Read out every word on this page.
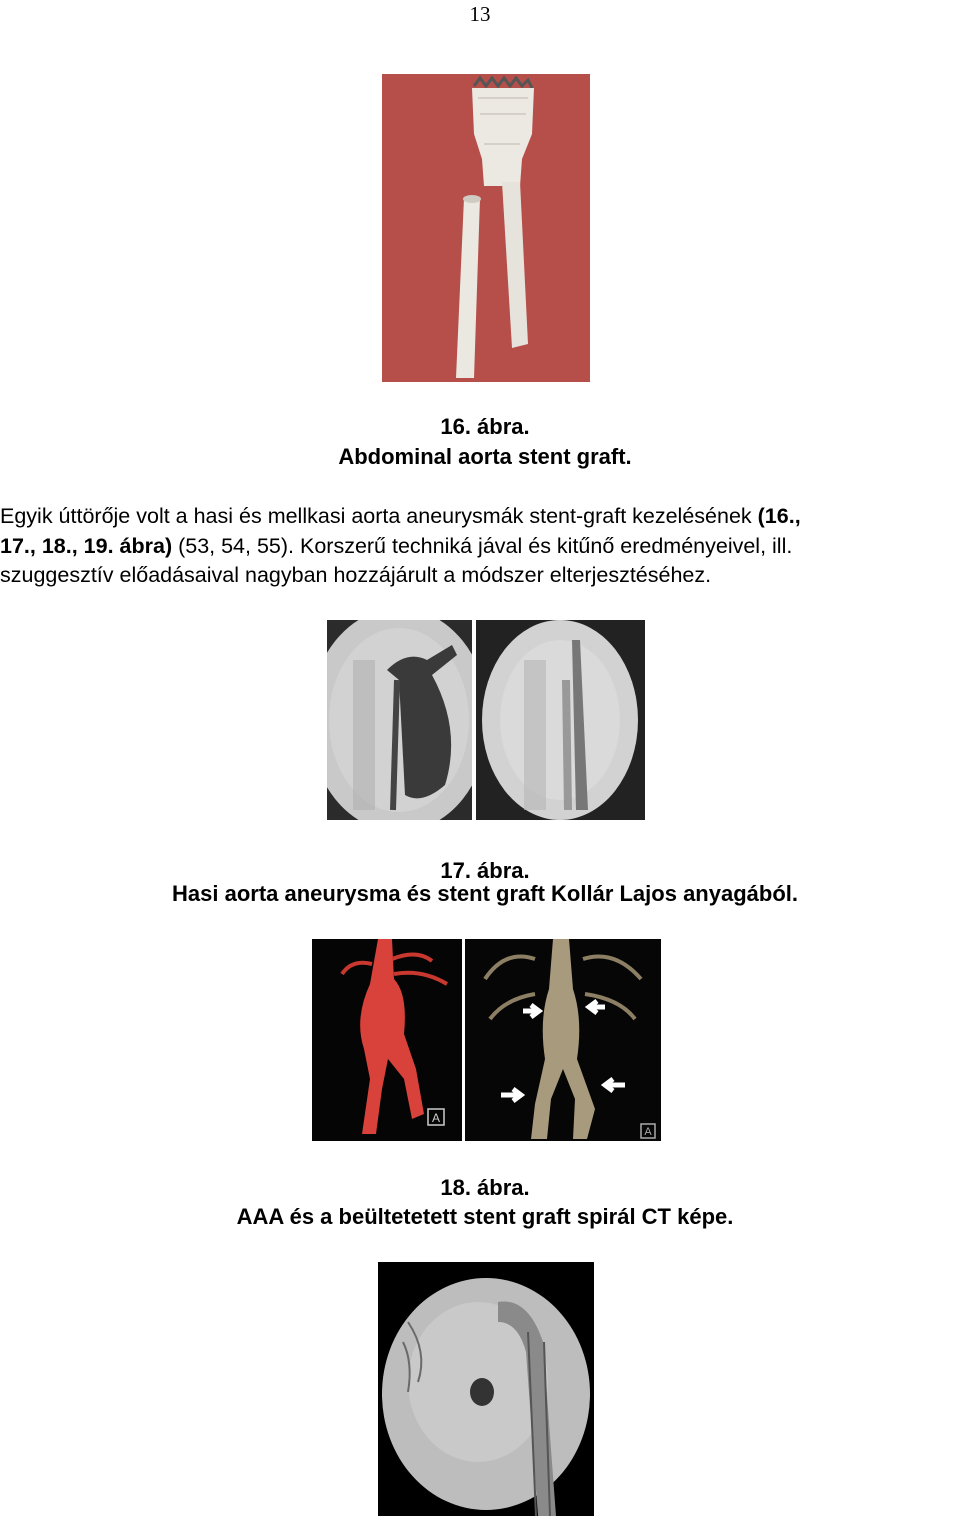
13
16. ábra.
Abdominal aorta stent graft.
Egyik úttörője volt a hasi és mellkasi aorta aneurysmák stent-graft kezelésének (16.,
17., 18., 19. ábra) (53, 54, 55). Korszerű techniká jával és kitűnő eredményeivel, ill.
szuggesztív előadásaival nagyban hozzájárult a módszer elterjesztéséhez.
17. ábra.
Hasi aorta aneurysma és stent graft Kollár Lajos anyagából.
A
A
18. ábra.
AAA és a beültetetett stent graft spirál CT képe.
